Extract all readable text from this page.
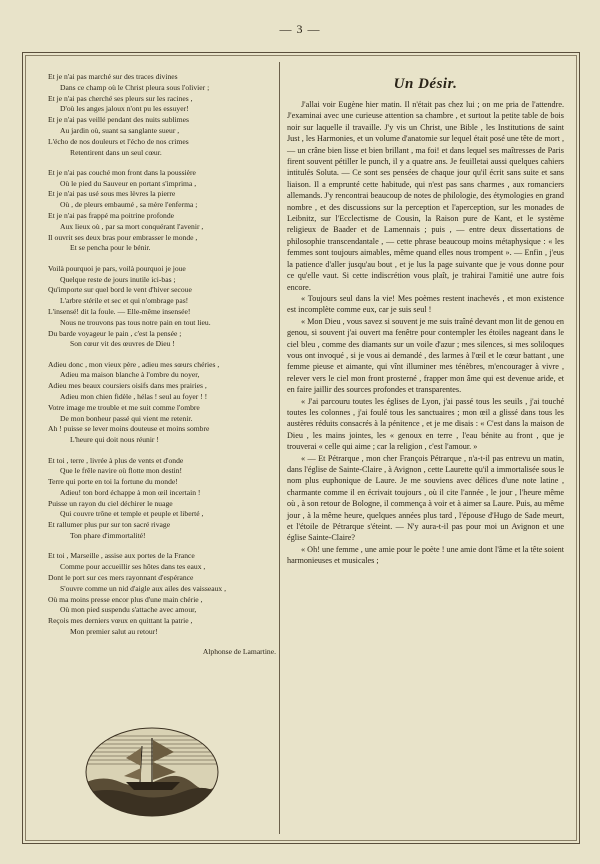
— 3 —
Et je n'ai pas marché sur des traces divines
Dans ce champ où le Christ pleura sous l'olivier ;
Et je n'ai pas cherché ses pleurs sur les racines ,
D'où les anges jaloux n'ont pu les essuyer!
Et je n'ai pas veillé pendant des nuits sublimes
Au jardin où, suant sa sanglante sueur ,
L'écho de nos douleurs et l'écho de nos crimes
Retentirent dans un seul cœur.
Et je n'ai pas couché mon front dans la poussière
Où le pied du Sauveur en portant s'imprima ,
Et je n'ai pas usé sous mes lèvres la pierre
Où , de pleurs embaumé , sa mère l'enferma ;
Et je n'ai pas frappé ma poitrine profonde
Aux lieux où , par sa mort conquérant l'avenir ,
Il ouvrit ses deux bras pour embrasser le monde ,
Et se pencha pour le bénir.
Voilà pourquoi je pars, voilà pourquoi je joue
Quelque reste de jours inutile ici-bas ;
Qu'importe sur quel bord le vent d'hiver secoue
L'arbre stérile et sec et qui n'ombrage pas!
L'insensé! dit la foule. — Elle-même insensée!
Nous ne trouvons pas tous notre pain en tout lieu.
Du barde voyageur le pain , c'est la pensée ;
Son cœur vit des œuvres de Dieu !
Adieu donc , mon vieux père , adieu mes sœurs chéries ,
Adieu ma maison blanche à l'ombre du noyer,
Adieu mes beaux coursiers oisifs dans mes prairies ,
Adieu mon chien fidèle , hélas ! seul au foyer ! !
Votre image me trouble et me suit comme l'ombre
De mon bonheur passé qui vient me retenir.
Ah ! puisse se lever moins douteuse et moins sombre
L'heure qui doit nous réunir !
Et toi , terre , livrée à plus de vents et d'onde
Que le frêle navire où flotte mon destin!
Terre qui porte en toi la fortune du monde!
Adieu! ton bord échappe à mon œil incertain !
Puisse un rayon du ciel déchirer le nuage
Qui couvre trône et temple et peuple et liberté ,
Et rallumer plus pur sur ton sacré rivage
Ton phare d'immortalité!
Et toi , Marseille , assise aux portes de la France
Comme pour accueillir ses hôtes dans tes eaux ,
Dont le port sur ces mers rayonnant d'espérance
S'ouvre comme un nid d'aigle aux ailes des vaisseaux ,
Où ma moins presse encor plus d'une main chérie ,
Où mon pied suspendu s'attache avec amour,
Reçois mes derniers vœux en quittant la patrie ,
Mon premier salut au retour!
Alphonse de Lamartine.
Un Désir.

J'allai voir Eugène hier matin. Il n'était pas chez lui ; on me pria de l'attendre. J'examinai avec une curieuse attention sa chambre , et surtout la petite table de bois noir sur laquelle il travaille. J'y vis un Christ, une Bible , les Institutions de saint Just , les Harmonies, et un volume d'anatomie sur lequel était posé une tête de mort , — un crâne bien lisse et bien brillant , ma foi! et dans lequel ses maîtresses de Paris firent souvent pétiller le punch, il y a quatre ans. Je feuilletai aussi quelques cahiers intitulés Soluta. — Ce sont ses pensées de chaque jour qu'il écrit sans suite et sans liaison. Il a emprunté cette habitude, qui n'est pas sans charmes , aux romanciers allemands. J'y rencontrai beaucoup de notes de philologie, des étymologies en grand nombre , et des discussions sur la perception et l'aperception, sur les monades de Leibnitz, sur l'Ecclectisme de Cousin, la Raison pure de Kant, et le système religieux de Baader et de Lamennais ; puis , — entre deux dissertations de philosophie transcendantale , — cette phrase beaucoup moins métaphysique : « les femmes sont toujours aimables, même quand elles nous trompent ». — Enfin , j'eus la patience d'aller jusqu'au bout , et je lus la page suivante que je vous donne pour ce qu'elle vaut. Si cette indiscrétion vous plaît, je trahirai l'amitié une autre fois encore.

« Toujours seul dans la vie! Mes poèmes restent inachevés , et mon existence est incomplète comme eux, car je suis seul !

« Mon Dieu , vous savez si souvent je me suis traîné devant mon lit de genou en genou, si souvent j'ai ouvert ma fenêtre pour contempler les étoiles nageant dans le ciel bleu , comme des diamants sur un voile d'azur ; mes silences, si mes soliloques vous ont invoqué , si je vous ai demandé , des larmes à l'œil et le cœur battant , une femme pieuse et aimante, qui vînt illuminer mes ténèbres, m'encourager à vivre , relever vers le ciel mon front prosterné , frapper mon âme qui est devenue aride, et en faire jaillir des sources profondes et transparentes.

« J'ai parcouru toutes les églises de Lyon, j'ai passé tous les seuils , j'ai touché toutes les colonnes , j'ai foulé tous les sanctuaires ; mon œil a glissé dans tous les austères réduits consacrés à la pénitence , et je me disais : « C'est dans la maison de Dieu , les mains jointes, les « genoux en terre , l'eau bénite au front , que je trouverai « celle qui aime ; car la religion , c'est l'amour. »

« — Et Pétrarque , mon cher François Pétrarque , n'a-t-il pas entrevu un matin, dans l'église de Sainte-Claire , à Avignon , cette Laurette qu'il a immortalisée sous le nom plus euphonique de Laure. Je me souviens avec délices d'une note latine , charmante comme il en écrivait toujours , où il cite l'année , le jour , l'heure même où , à son retour de Bologne, il commença à voir et à aimer sa Laure. Puis, au même jour , à la même heure, quelques années plus tard , l'épouse d'Hugo de Sade meurt, et l'étoile de Pétrarque s'éteint. — N'y aura-t-il pas pour moi un Avignon et une église Sainte-Claire?

« Oh! une femme , une amie pour le poète ! une amie dont l'âme et la tête soient harmonieuses et musicales ;
